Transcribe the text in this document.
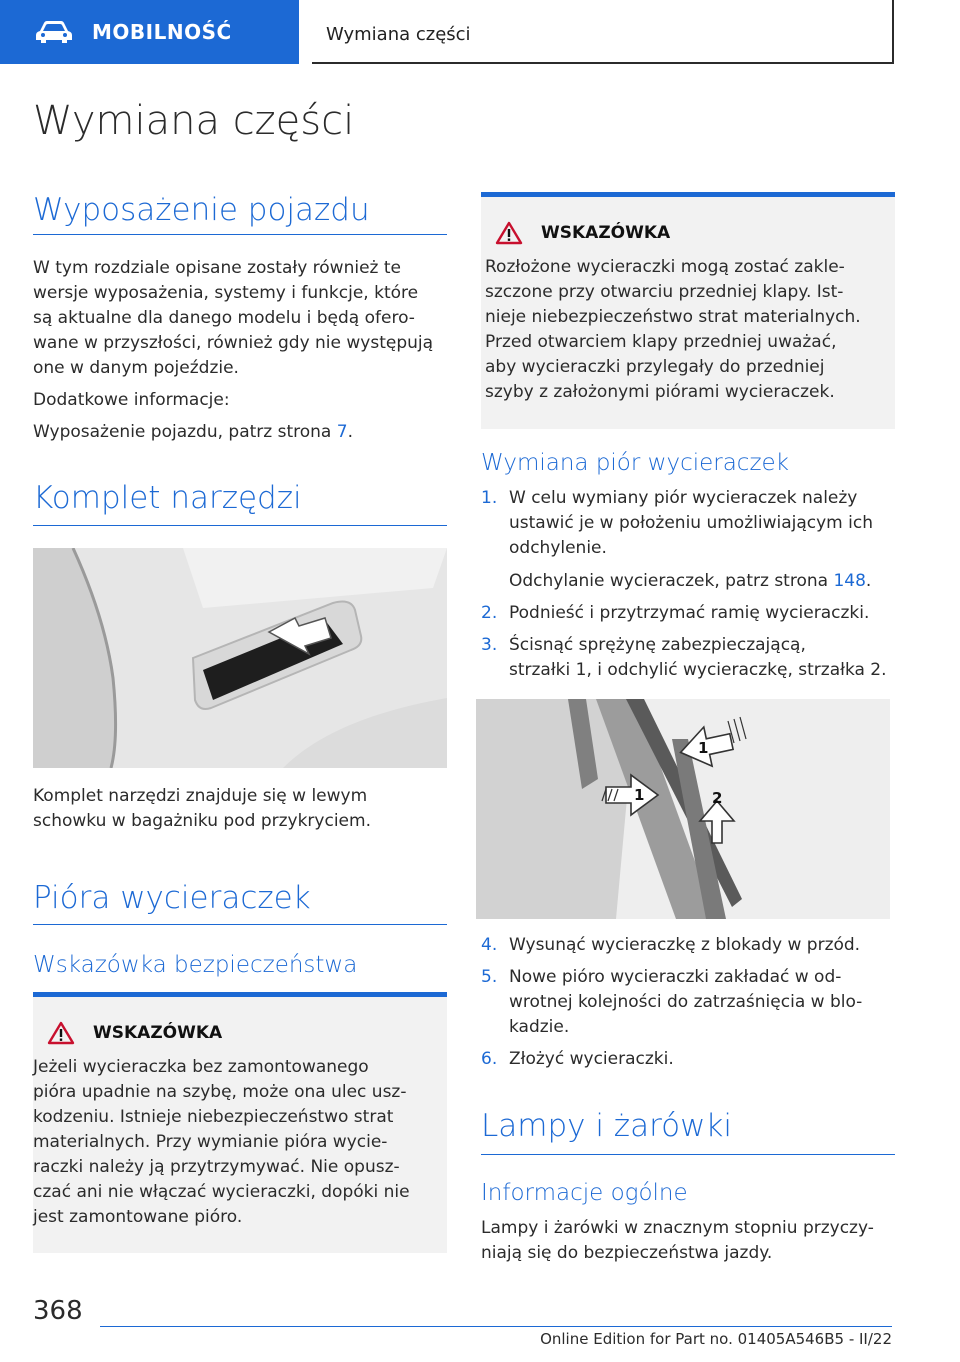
MOBILNOŚĆ	Wymiana części
Wymiana części
Wyposażenie pojazdu
W tym rozdziale opisane zostały również te
wersje wyposażenia, systemy i funkcje, które
są aktualne dla danego modelu i będą ofero-
wane w przyszłości, również gdy nie występują
one w danym pojeździe.
Dodatkowe informacje:
Wyposażenie pojazdu, patrz strona 7.
Komplet narzędzi
Komplet narzędzi znajduje się w lewym
schowku w bagażniku pod przykryciem.
Pióra wycieraczek
Wskazówka bezpieczeństwa
WSKAZÓWKA
Jeżeli wycieraczka bez zamontowanego
pióra upadnie na szybę, może ona ulec usz-
kodzeniu. Istnieje niebezpieczeństwo strat
materialnych. Przy wymianie pióra wycie-
raczki należy ją przytrzymywać. Nie opusz-
czać ani nie włączać wycieraczki, dopóki nie
jest zamontowane pióro.
WSKAZÓWKA
Rozłożone wycieraczki mogą zostać zakle-
szczone przy otwarciu przedniej klapy. Ist-
nieje niebezpieczeństwo strat materialnych.
Przed otwarciem klapy przedniej uważać,
aby wycieraczki przylegały do przedniej
szyby z założonymi piórami wycieraczek.
Wymiana piór wycieraczek
1. W celu wymiany piór wycieraczek należy
ustawić je w położeniu umożliwiającym ich
odchylenie.
Odchylanie wycieraczek, patrz strona 148.
2. Podnieść i przytrzymać ramię wycieraczki.
3. Ścisnąć sprężynę zabezpieczającą,
strzałki 1, i odchylić wycieraczkę, strzałka 2.
1
1
2
4. Wysunąć wycieraczkę z blokady w przód.
5. Nowe pióro wycieraczki zakładać w od-
wrotnej kolejności do zatrzaśnięcia w blo-
kadzie.
6. Złożyć wycieraczki.
Lampy i żarówki
Informacje ogólne
Lampy i żarówki w znacznym stopniu przyczy-
niają się do bezpieczeństwa jazdy.
368
Online Edition for Part no. 01405A546B5 - II/22
